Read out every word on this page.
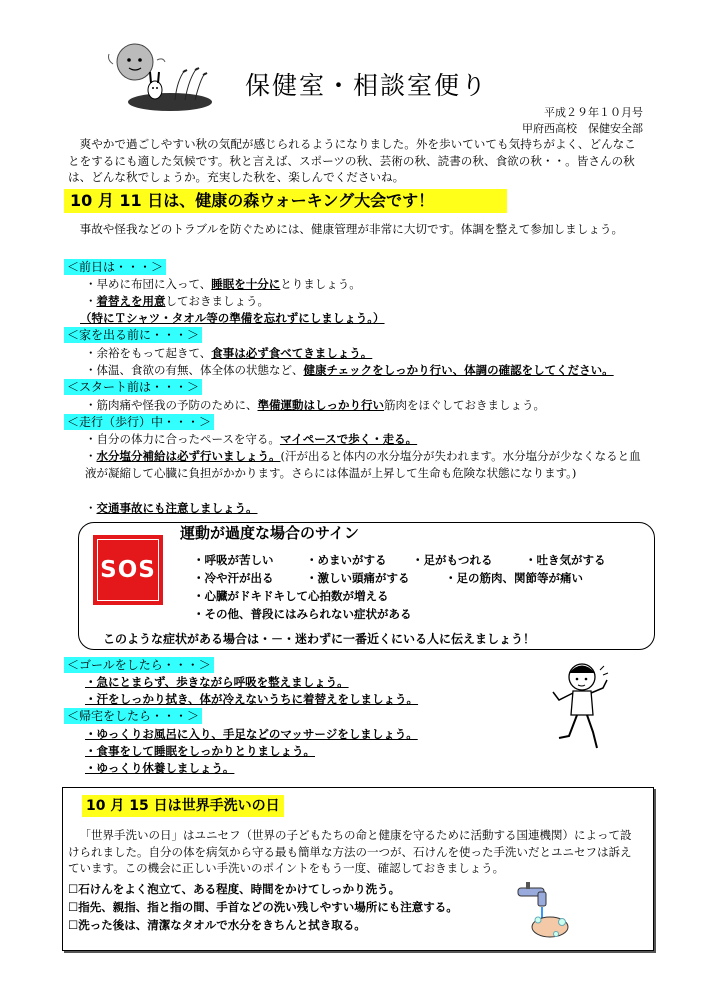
保健室・相談室便り
平成２９年１０月号
甲府西高校　保健安全部
爽やかで過ごしやすい秋の気配が感じられるようになりました。外を歩いていても気持ちがよく、どんなことをするにも適した気候です。秋と言えば、スポーツの秋、芸術の秋、読書の秋、食欲の秋・・。皆さんの秋は、どんな秋でしょうか。充実した秋を、楽しんでくださいね。
10 月 11 日は、健康の森ウォーキング大会です！
事故や怪我などのトラブルを防ぐためには、健康管理が非常に大切です。体調を整えて参加しましょう。
＜前日は・・・＞
・早めに布団に入って、睡眠を十分にとりましょう。
・着替えを用意しておきましょう。
（特にＴシャツ・タオル等の準備を忘れずにしましょう。）
＜家を出る前に・・・＞
・余裕をもって起きて、食事は必ず食べてきましょう。
・体温、食欲の有無、体全体の状態など、健康チェックをしっかり行い、体調の確認をしてください。
＜スタート前は・・・＞
・筋肉痛や怪我の予防のために、準備運動はしっかり行い筋肉をほぐしておきましょう。
＜走行（歩行）中・・・＞
・自分の体力に合ったペースを守る。マイペースで歩く・走る。
・水分塩分補給は必ず行いましょう。(汗が出ると体内の水分塩分が失われます。水分塩分が少なくなると血液が凝縮して心臓に負担がかかります。さらには体温が上昇して生命も危険な状態になります。)
・交通事故にも注意しましょう。
SOS
運動が過度な場合のサイン
・呼吸が苦しい	・めまいがする ・足がもつれる	・吐き気がする
・冷や汗が出る	・激しい頭痛がする	・足の筋肉、関節等が痛い
・心臓がドキドキして心拍数が増える
・その他、普段にはみられない症状がある
このような症状がある場合は・－・迷わずに一番近くにいる人に伝えましょう！
＜ゴールをしたら・・・＞
・急にとまらず、歩きながら呼吸を整えましょう。
・汗をしっかり拭き、体が冷えないうちに着替えをしましょう。
＜帰宅をしたら・・・＞
・ゆっくりお風呂に入り、手足などのマッサージをしましょう。
・食事をして睡眠をしっかりとりましょう。
・ゆっくり休養しましょう。
10 月 15 日は世界手洗いの日
「世界手洗いの日」はユニセフ（世界の子どもたちの命と健康を守るために活動する国連機関）によって設けられました。自分の体を病気から守る最も簡単な方法の一つが、石けんを使った手洗いだとユニセフは訴えています。この機会に正しい手洗いのポイントをもう一度、確認しておきましょう。
☐石けんをよく泡立て、ある程度、時間をかけてしっかり洗う。
☐指先、親指、指と指の間、手首などの洗い残しやすい場所にも注意する。
☐洗った後は、清潔なタオルで水分をきちんと拭き取る。
